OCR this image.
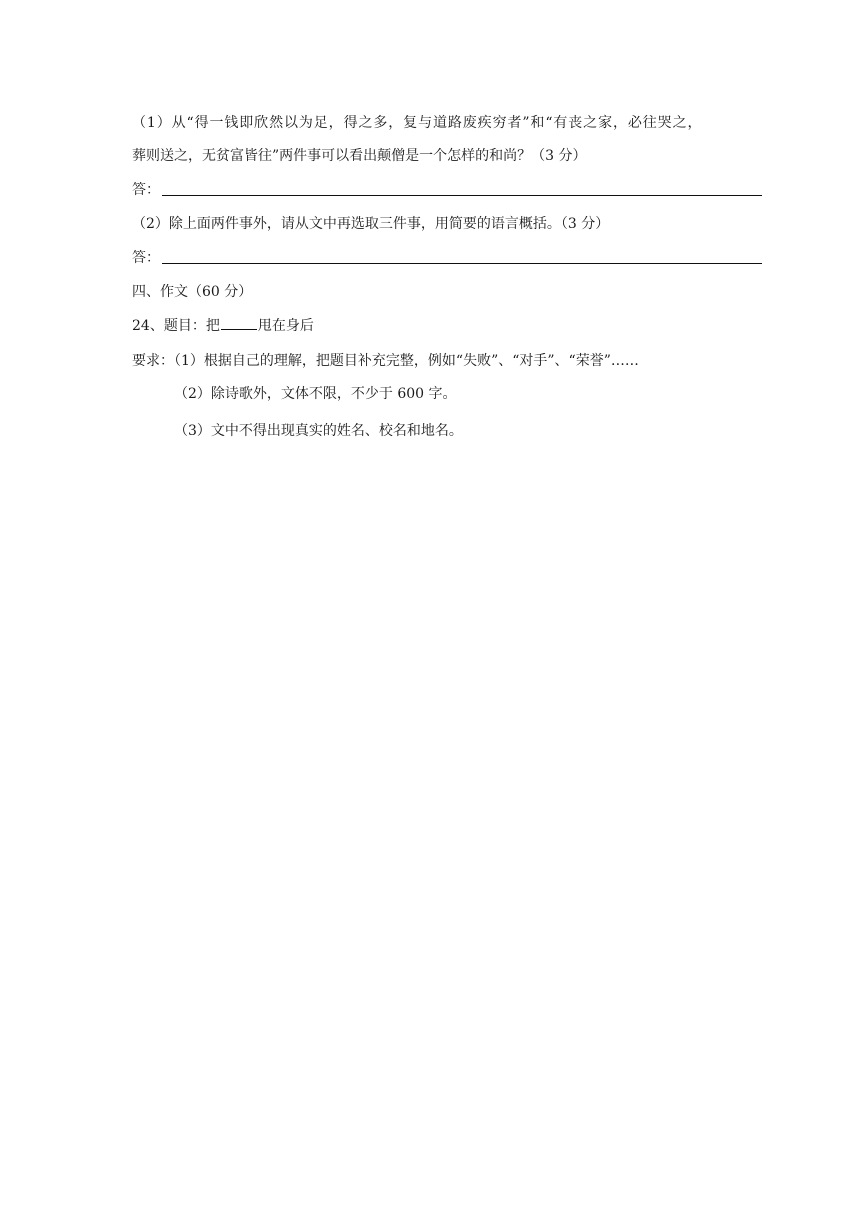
（1）从“得一钱即欣然以为足，得之多，复与道路废疾穷者”和“有丧之家，必往哭之，
葬则送之，无贫富皆往”两件事可以看出颠僧是一个怎样的和尚？（3 分）
答：
（2）除上面两件事外，请从文中再选取三件事，用简要的语言概括。（3 分）
答：
四、作文（60 分）
24、题目：把	甩在身后
要求：（1）根据自己的理解，把题目补充完整，例如“失败”、“对手”、“荣誉”……
（2）除诗歌外，文体不限，不少于 600 字。
（3）文中不得出现真实的姓名、校名和地名。
